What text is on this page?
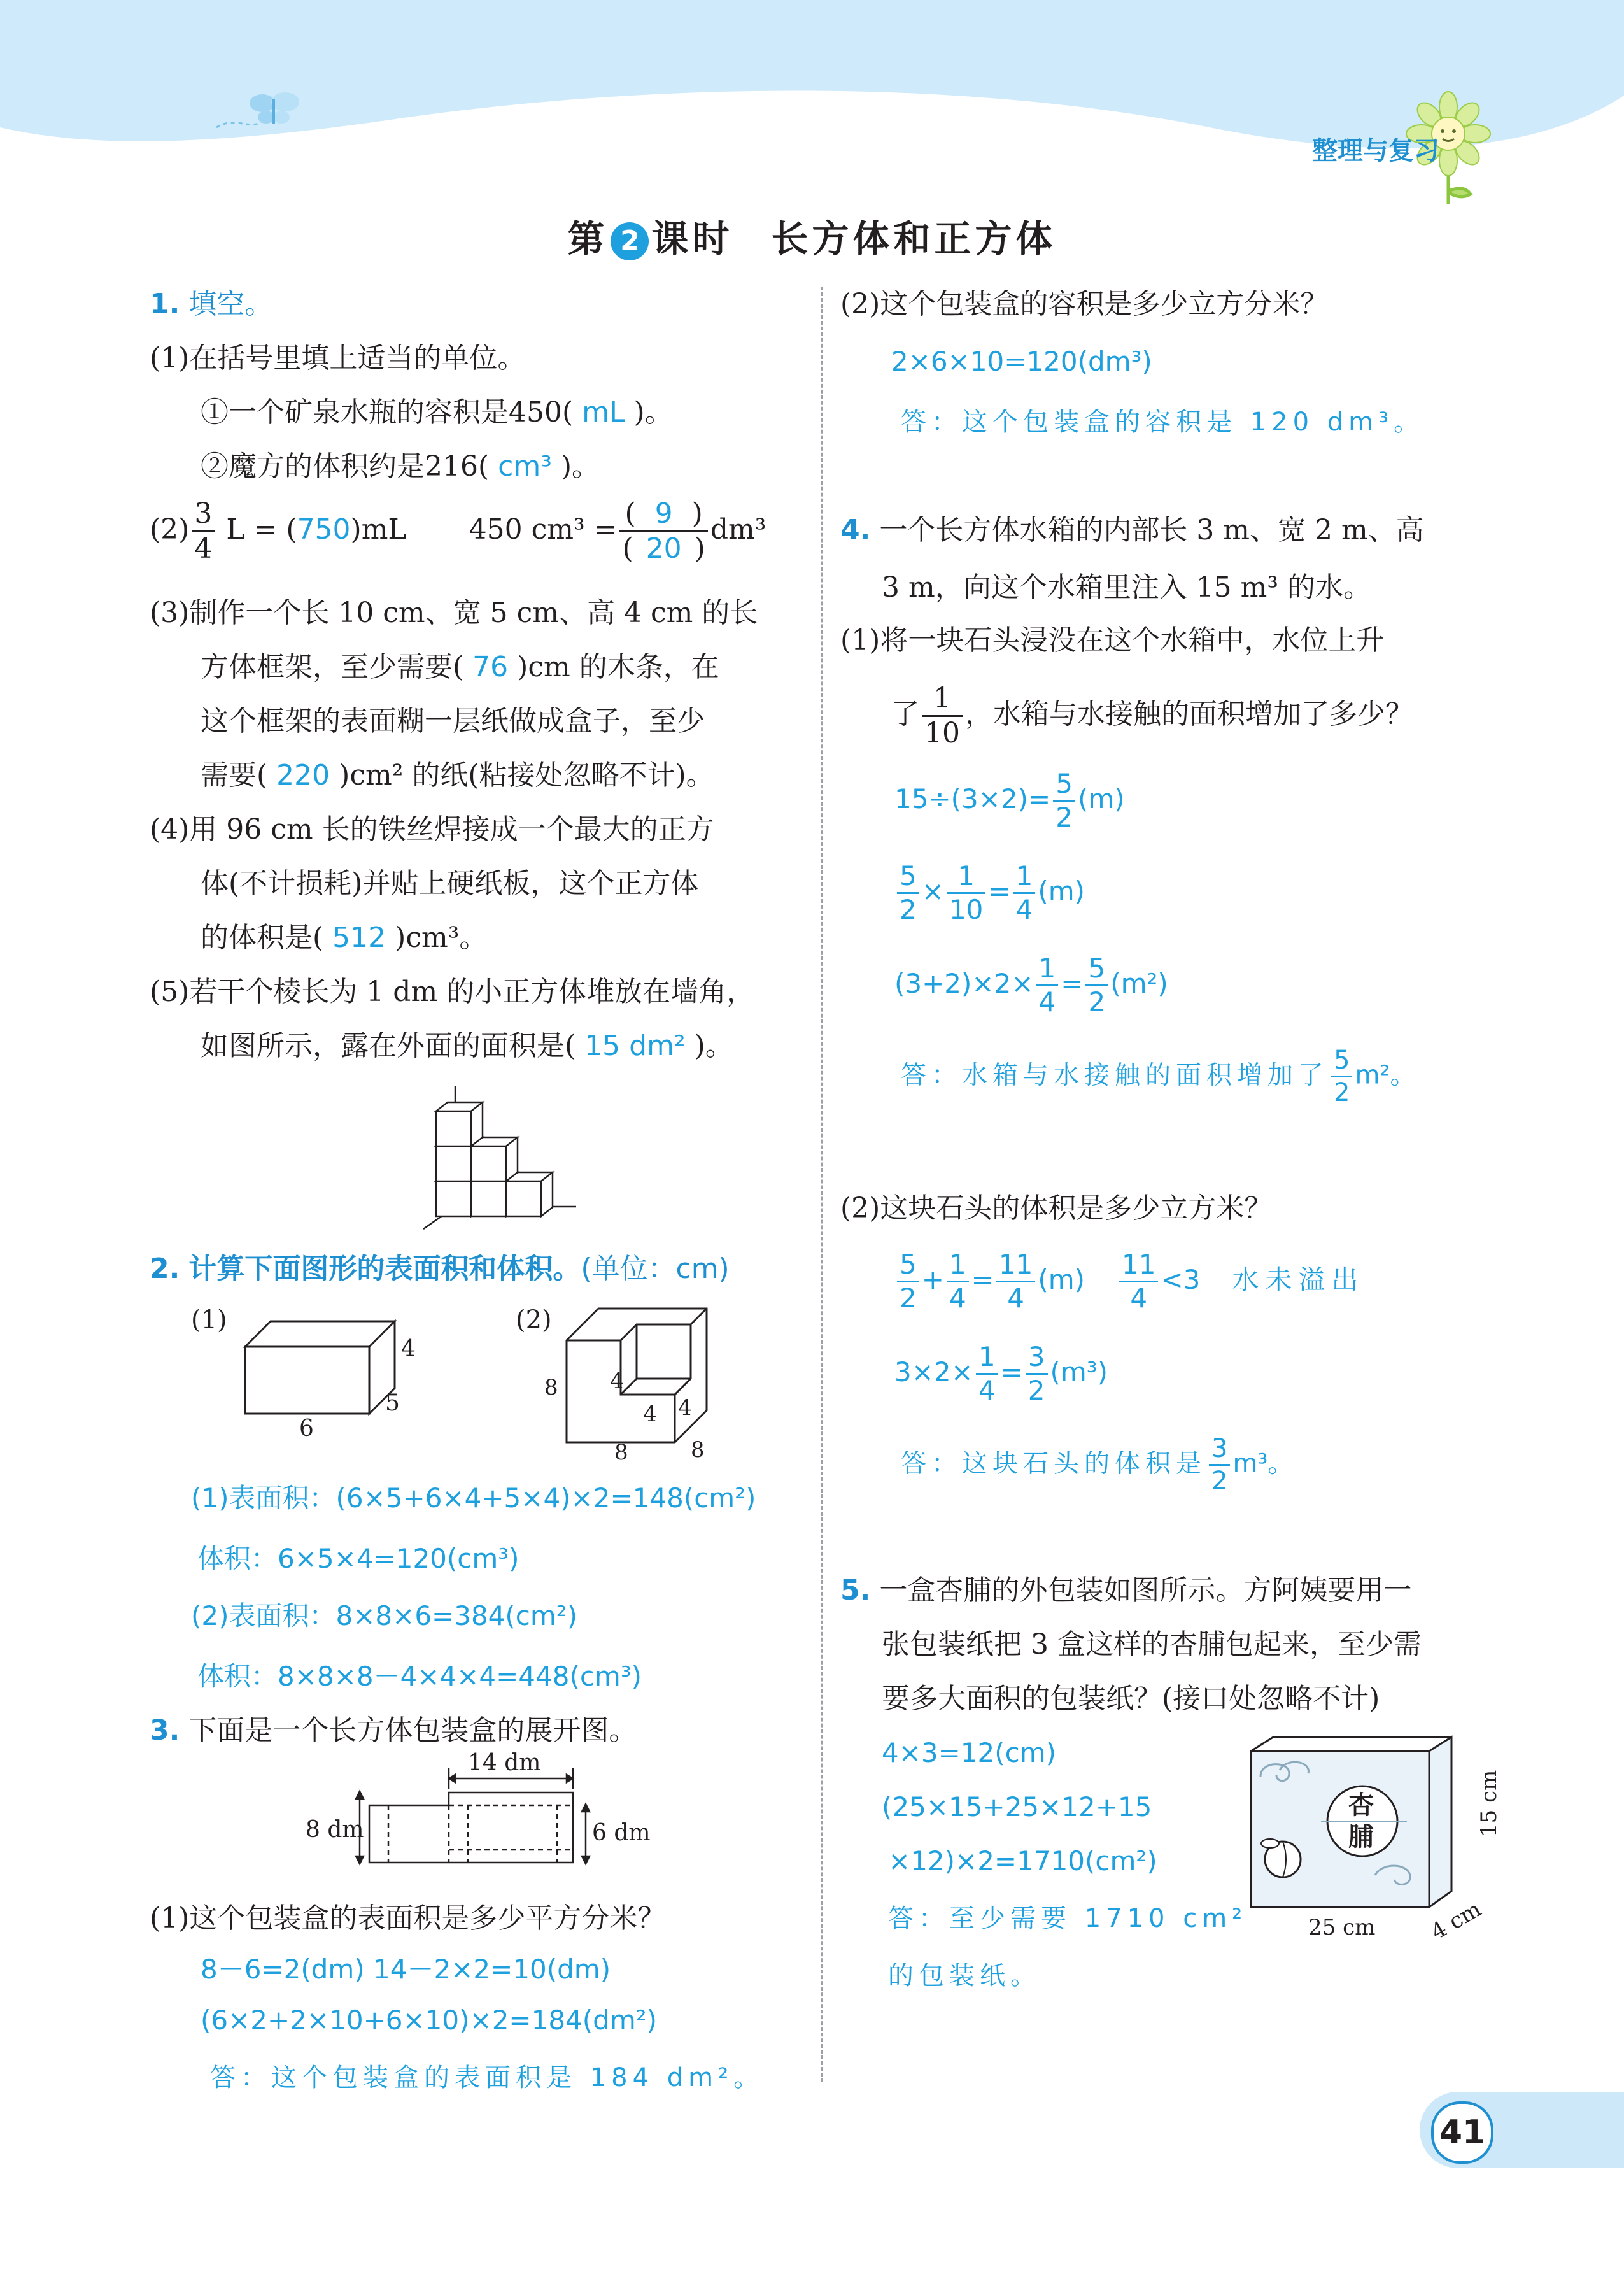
整理与复习
第 2 课时 长方体和正方体
1. 填空。
(1)在括号里填上适当的单位。
①一个矿泉水瓶的容积是450( mL )。
②魔方的体积约是216( cm³ )。
$(2) \frac{3}{4}$ L = (750)mL 450 $cm^3 = \frac{( 9 )}{( 20 )} dm^3$
(3)制作一个长 10 cm、宽 5 cm、高 4 cm 的长
方体框架，至少需要( 76 )cm 的木条，在
这个框架的表面糊一层纸做成盒子，至少
需要( 220 )cm² 的纸(粘接处忽略不计)。
(4)用 96 cm 长的铁丝焊接成一个最大的正方
体(不计损耗)并贴上硬纸板，这个正方体
的体积是( 512 )cm³。
(5)若干个棱长为 1 dm 的小正方体堆放在墙角，
如图所示，露在外面的面积是( 15 dm² )。
2. 计算下面图形的表面积和体积。(单位：cm)
(1)
6
5
4
(2)
4
4 4
8
8	8
(1)表面积：(6×5+6×4+5×4)×2=148(cm²)
体积：6×5×4=120(cm³)
(2)表面积：8×8×6=384(cm²)
体积：8×8×8－4×4×4=448(cm³)
3. 下面是一个长方体包装盒的展开图。
14 dm
8 dm	6 dm
(1)这个包装盒的表面积是多少平方分米？
8－6=2(dm) 14－2×2=10(dm)
(6×2+2×10+6×10)×2=184(dm²)
答：这个包装盒的表面积是 184 dm²。
(2)这个包装盒的容积是多少立方分米？
2×6×10=120(dm³)
答：这个包装盒的容积是 120 dm³。
4. 一个长方体水箱的内部长 3 m、宽 2 m、高
3 m，向这个水箱里注入 15 m³ 的水。
(1)将一块石头浸没在这个水箱中，水位上升
了 $\frac{1}{10}$ ，水箱与水接触的面积增加了多少？
$15\div(3\times 2)= \frac{5}{2} (m)$
$\frac{5}{2} \times \frac{1}{10} = \frac{1}{4} (m)$
$(3+2)\times 2\times \frac{1}{4} = \frac{5}{2} (m^2)$
答：水箱与水接触的面积增加了 $\frac{5}{2} m^2$。
(2)这块石头的体积是多少立方米？
$\frac{5}{2} + \frac{1}{4} = \frac{11}{4} (m) \frac{11}{4} <3$ 水未溢出
$3\times 2\times \frac{1}{4} = \frac{3}{2} (m^3)$
答：这块石头的体积是 $\frac{3}{2} m^3$。
5. 一盒杏脯的外包装如图所示。方阿姨要用一
张包装纸把 3 盒这样的杏脯包起来，至少需
要多大面积的包装纸？(接口处忽略不计)
4×3=12(cm)
(25×15+25×12+15
×12)×2=1710(cm²)
答：至少需要 1710 cm²
的包装纸。
杏
脯
25 cm
15 cm
4 cm
41
